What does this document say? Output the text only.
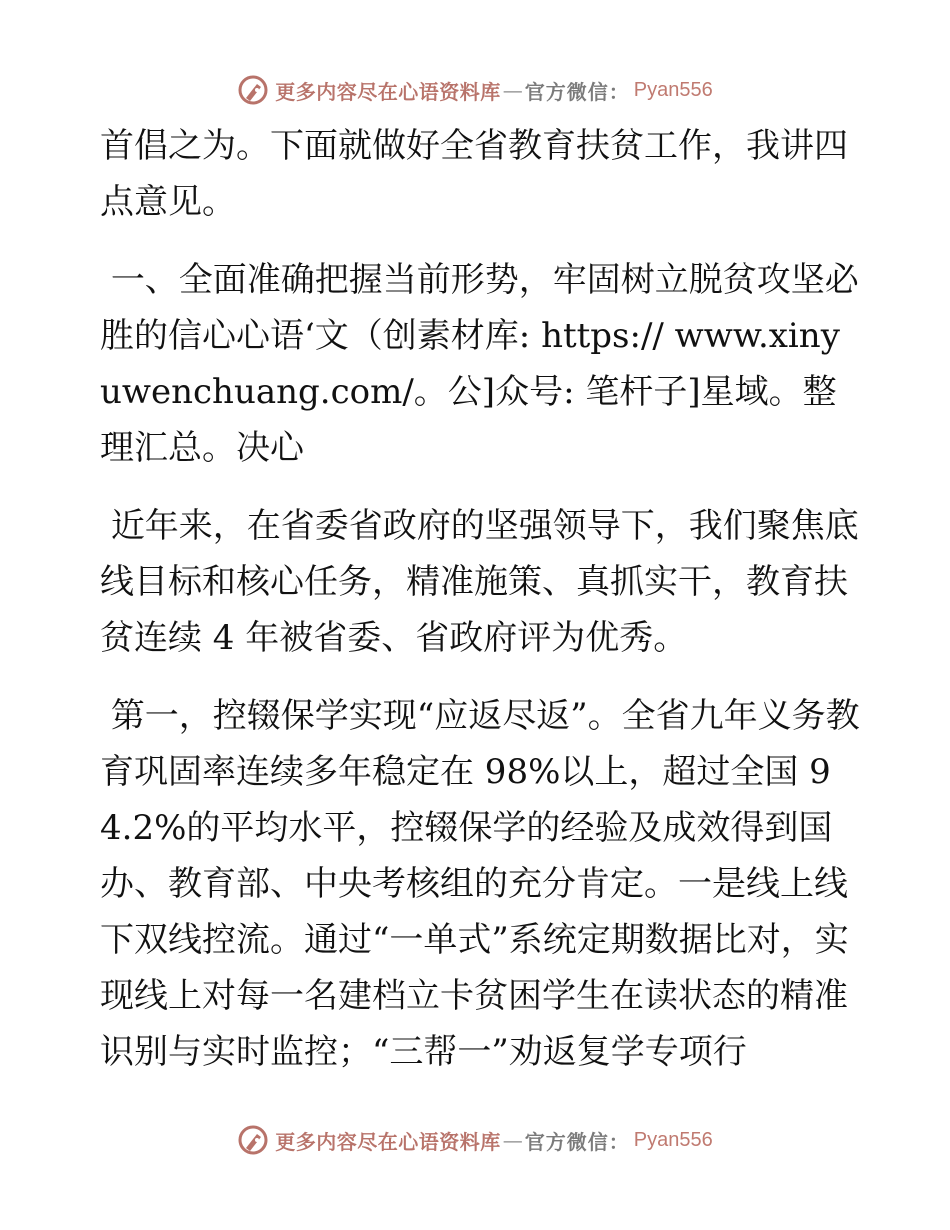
更多内容尽在心语资料库 — 官方微信： Pyan556

首倡之为。下面就做好全省教育扶贫工作，我讲四点意见。

一、全面准确把握当前形势，牢固树立脱贫攻坚必胜的信心心语‘文（创素材库: https:// www.xinyuwenchuang.com/。公]众号: 笔杆子]星域。整理汇总。决心

近年来，在省委省政府的坚强领导下，我们聚焦底线目标和核心任务，精准施策、真抓实干，教育扶贫连续 4 年被省委、省政府评为优秀。

第一，控辍保学实现“应返尽返”。全省九年义务教育巩固率连续多年稳定在 98%以上，超过全国 94.2%的平均水平，控辍保学的经验及成效得到国办、教育部、中央考核组的充分肯定。一是线上线下双线控流。通过“一单式”系统定期数据比对，实现线上对每一名建档立卡贫困学生在读状态的精准识别与实时监控；“三帮一”劝返复学专项行

更多内容尽在心语资料库 — 官方微信： Pyan556
